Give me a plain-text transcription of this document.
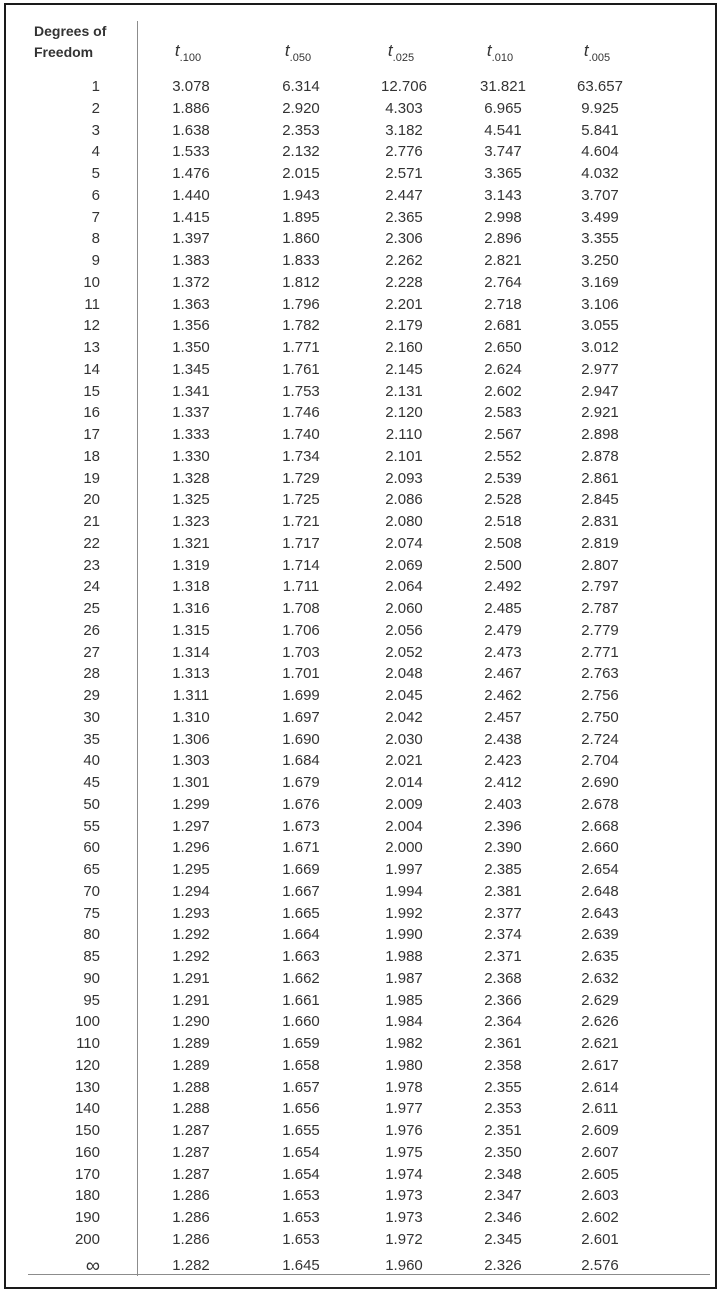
Degrees of
Freedom	$t_{.100}$	$t_{.050}$	$t_{.025}$	$t_{.010}$	$t_{.005}$
1	3.078	6.314	12.706	31.821	63.657
2	1.886	2.920	4.303	6.965	9.925
3	1.638	2.353	3.182	4.541	5.841
4	1.533	2.132	2.776	3.747	4.604
5	1.476	2.015	2.571	3.365	4.032
6	1.440	1.943	2.447	3.143	3.707
7	1.415	1.895	2.365	2.998	3.499
8	1.397	1.860	2.306	2.896	3.355
9	1.383	1.833	2.262	2.821	3.250
10	1.372	1.812	2.228	2.764	3.169
11	1.363	1.796	2.201	2.718	3.106
12	1.356	1.782	2.179	2.681	3.055
13	1.350	1.771	2.160	2.650	3.012
14	1.345	1.761	2.145	2.624	2.977
15	1.341	1.753	2.131	2.602	2.947
16	1.337	1.746	2.120	2.583	2.921
17	1.333	1.740	2.110	2.567	2.898
18	1.330	1.734	2.101	2.552	2.878
19	1.328	1.729	2.093	2.539	2.861
20	1.325	1.725	2.086	2.528	2.845
21	1.323	1.721	2.080	2.518	2.831
22	1.321	1.717	2.074	2.508	2.819
23	1.319	1.714	2.069	2.500	2.807
24	1.318	1.711	2.064	2.492	2.797
25	1.316	1.708	2.060	2.485	2.787
26	1.315	1.706	2.056	2.479	2.779
27	1.314	1.703	2.052	2.473	2.771
28	1.313	1.701	2.048	2.467	2.763
29	1.311	1.699	2.045	2.462	2.756
30	1.310	1.697	2.042	2.457	2.750
35	1.306	1.690	2.030	2.438	2.724
40	1.303	1.684	2.021	2.423	2.704
45	1.301	1.679	2.014	2.412	2.690
50	1.299	1.676	2.009	2.403	2.678
55	1.297	1.673	2.004	2.396	2.668
60	1.296	1.671	2.000	2.390	2.660
65	1.295	1.669	1.997	2.385	2.654
70	1.294	1.667	1.994	2.381	2.648
75	1.293	1.665	1.992	2.377	2.643
80	1.292	1.664	1.990	2.374	2.639
85	1.292	1.663	1.988	2.371	2.635
90	1.291	1.662	1.987	2.368	2.632
95	1.291	1.661	1.985	2.366	2.629
100	1.290	1.660	1.984	2.364	2.626
110	1.289	1.659	1.982	2.361	2.621
120	1.289	1.658	1.980	2.358	2.617
130	1.288	1.657	1.978	2.355	2.614
140	1.288	1.656	1.977	2.353	2.611
150	1.287	1.655	1.976	2.351	2.609
160	1.287	1.654	1.975	2.350	2.607
170	1.287	1.654	1.974	2.348	2.605
180	1.286	1.653	1.973	2.347	2.603
190	1.286	1.653	1.973	2.346	2.602
200	1.286	1.653	1.972	2.345	2.601
∞	1.282	1.645	1.960	2.326	2.576
